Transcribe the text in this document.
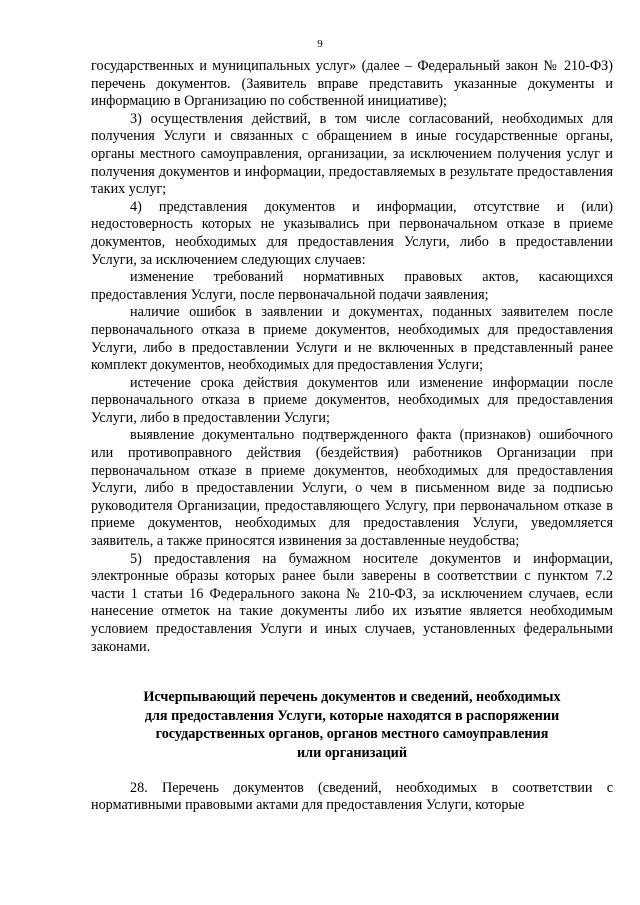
9

государственных и муниципальных услуг» (далее – Федеральный закон № 210-ФЗ) перечень документов. (Заявитель вправе представить указанные документы и информацию в Организацию по собственной инициативе);

3) осуществления действий, в том числе согласований, необходимых для получения Услуги и связанных с обращением в иные государственные органы, органы местного самоуправления, организации, за исключением получения услуг и получения документов и информации, предоставляемых в результате предоставления таких услуг;

4) представления документов и информации, отсутствие и (или) недостоверность которых не указывались при первоначальном отказе в приеме документов, необходимых для предоставления Услуги, либо в предоставлении Услуги, за исключением следующих случаев:

изменение требований нормативных правовых актов, касающихся предоставления Услуги, после первоначальной подачи заявления;

наличие ошибок в заявлении и документах, поданных заявителем после первоначального отказа в приеме документов, необходимых для предоставления Услуги, либо в предоставлении Услуги и не включенных в представленный ранее комплект документов, необходимых для предоставления Услуги;

истечение срока действия документов или изменение информации после первоначального отказа в приеме документов, необходимых для предоставления Услуги, либо в предоставлении Услуги;

выявление документально подтвержденного факта (признаков) ошибочного или противоправного действия (бездействия) работников Организации при первоначальном отказе в приеме документов, необходимых для предоставления Услуги, либо в предоставлении Услуги, о чем в письменном виде за подписью руководителя Организации, предоставляющего Услугу, при первоначальном отказе в приеме документов, необходимых для предоставления Услуги, уведомляется заявитель, а также приносятся извинения за доставленные неудобства;

5) предоставления на бумажном носителе документов и информации, электронные образы которых ранее были заверены в соответствии с пунктом 7.2 части 1 статьи 16 Федерального закона № 210-ФЗ, за исключением случаев, если нанесение отметок на такие документы либо их изъятие является необходимым условием предоставления Услуги и иных случаев, установленных федеральными законами.

Исчерпывающий перечень документов и сведений, необходимых
для предоставления Услуги, которые находятся в распоряжении
государственных органов, органов местного самоуправления
или организаций

28. Перечень документов (сведений, необходимых в соответствии с нормативными правовыми актами для предоставления Услуги, которые
